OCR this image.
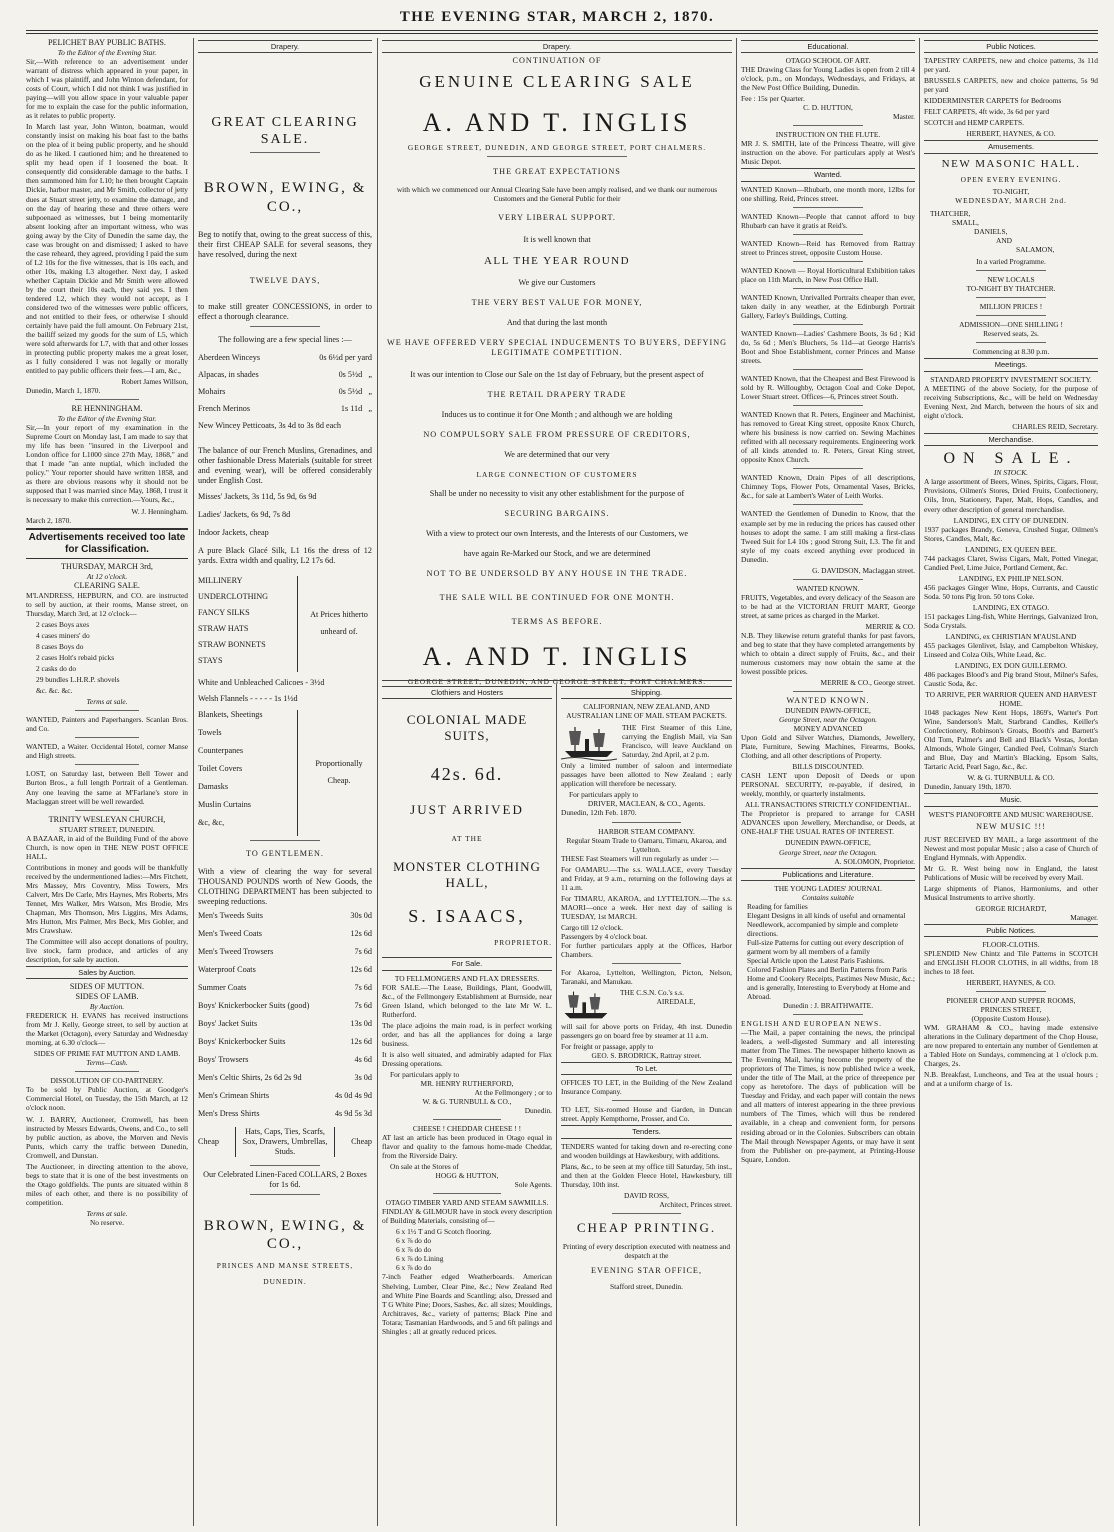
THE EVENING STAR, MARCH 2, 1870.
PELICHET BAY PUBLIC BATHS.
To the Editor of the Evening Star.

Sir,—With reference to an advertisement under warrant of distress which appeared in your paper, in which I was plaintiff, and John Winton defendant, for costs of Court, which I did not think I was justified in paying—will you allow space in your valuable paper for me to explain the case for the public information, as it relates to public property.

In March last year, John Winton, boatman, would constantly insist on making his boat fast to the baths on the plea of it being public property, and he should do as he liked. I cautioned him; and he threatened to split my head open if I loosened the boat. It consequently did considerable damage to the baths. I then summoned him for L10; he then brought Captain Dickie, harbor master, and Mr Smith, collector of jetty dues at Stuart street jetty, to examine the damage, and on the day of hearing these and three others were subpoenaed as witnesses, but I being momentarily absent looking after an important witness, who was going away by the City of Dunedin the same day, the case was brought on and dismissed; I asked to have the case reheard, they agreed, providing I paid the sum of L2 10s for the five witnesses, that is 10s each, and other 10s, making L3 altogether. Next day, I asked whether Captain Dickie and Mr Smith were allowed by the court their 10s each, they said yes. I then tendered L2, which they would not accept, as I considered two of the witnesses were public officers, and not entitled to their fees, or otherwise I should certainly have paid the full amount. On February 21st, the bailiff seized my goods for the sum of L5, which were sold afterwards for L7, with that and other losses in protecting public property makes me a great loser, as I fully considered I was not legally or morally entitled to pay public officers their fees.—I am, &c.,

Robert James Willson,
Dunedin, March 1, 1870.
RE HENNINGHAM.
To the Editor of the Evening Star.

Sir,—In your report of my examination in the Supreme Court on Monday last, I am made to say that my life has been "insured in the Liverpool and London office for L1000 since 27th May, 1868," and that I made "an ante nuptial, which included the policy." Your reporter should have written 1858, and as there are obvious reasons why it should not be supposed that I was married since May, 1868, I trust it is necessary to make this correction.—Yours, &c.,

W. J. Henningham.
March 2, 1870.
Advertisements received too late for Classification.
THURSDAY, MARCH 3rd,
At 12 o'clock.
CLEARING SALE.

M'LANDRESS, HEPBURN, and CO. are instructed to sell by auction, at their rooms, Manse street, on Thursday, March 3rd, at 12 o'clock—

2 cases Boys axes
4 cases miners' do
8 cases Boys do
2 cases Holt's rebaid picks
2 casks do do
29 bundles L.H.R.P. shovels
&c. &c. &c.
Terms at sale.

WANTED, Painters and Paperhangers. Scanlan Bros. and Co.

WANTED, a Waiter. Occidental Hotel, corner Manse and High streets.

LOST, on Saturday last, between Bell Tower and Burton Bros., a full length Portrait of a Gentleman. Any one leaving the same at M'Farlane's store in Maclaggan street will be well rewarded.

TRINITY WESLEYAN CHURCH,
STUART STREET, DUNEDIN.

A BAZAAR, in aid of the Building Fund of the above Church, is now open in THE NEW POST OFFICE HALL.

Contributions in money and goods will be thankfully received by the undermentioned ladies:—Mrs Fitchett, Mrs Massey, Mrs Coventry, Miss Towers, Mrs Calvert, Mrs De Carle, Mrs Haynes, Mrs Roberts, Mrs Tennet, Mrs Walker, Mrs Watson, Mrs Brodie, Mrs Chapman, Mrs Thomson, Mrs Liggins, Mrs Adams, Mrs Hutton, Mrs Palmer, Mrs Beck, Mrs Gobler, and Mrs Crawshaw.

The Committee will also accept donations of poultry, live stock, farm produce, and articles of any description, for sale by auction.

Sales by Auction.
SIDES OF MUTTON.
SIDES OF LAMB.
By Auction.

FREDERICK H. EVANS has received instructions from Mr J. Kelly, George street, to sell by auction at the Market (Octagon), every Saturday and Wednesday morning, at 6.30 o'clock—

SIDES OF PRIME FAT MUTTON AND LAMB.
Terms—Cash.
DISSOLUTION OF CO-PARTNERY.

To be sold by Public Auction, at Goodger's Commercial Hotel, on Tuesday, the 15th March, at 12 o'clock noon.

W. J. BARRY, Auctioneer, Cromwell, has been instructed by Messrs Edwards, Owens, and Co., to sell by public auction, as above, the Morven and Nevis Punts, which carry the traffic between Dunedin, Cromwell, and Dunstan.

The Auctioneer, in directing attention to the above, begs to state that it is one of the best investments on the Otago goldfields. The punts are situated within 8 miles of each other, and there is no possibility of competition.

Terms at sale.
No reserve.
Drapery.
GREAT CLEARING SALE.
BROWN, EWING, & CO.,

Beg to notify that, owing to the great success of this, their first CHEAP SALE for several seasons, they have resolved, during the next

TWELVE DAYS,

to make still greater CONCESSIONS, in order to effect a thorough clearance.

The following are a few special lines :—
Aberdeen Winceys	0s 6½d per yard
Alpacas, in shades	0s 5½d   „
Mohairs	0s 5½d   „
French Merinos	1s 11d   „
New Wincey Petticoats, 3s 4d to 3s 8d each

The balance of our French Muslins, Grenadines, and other fashionable Dress Materials (suitable for street and evening wear), will be offered considerably under English Cost.

Misses' Jackets, 3s 11d, 5s 9d, 6s 9d
Ladies' Jackets, 6s 9d, 7s 8d
Indoor Jackets, cheap

A pure Black Glacé Silk, L1 16s the dress of 12 yards. Extra width and quality, L2 17s 6d.

MILLINERY
UNDERCLOTHING
FANCY SILKS
STRAW HATS
STRAW BONNETS
STAYS
At Prices hitherto unheard of.
White and Unbleached Calicoes - 3½d
Welsh Flannels - - - - - 1s 1½d
Blankets, Sheetings
Towels
Counterpanes
Toilet Covers
Damasks
Muslin Curtains
&c, &c,
Proportionally Cheap.
TO GENTLEMEN.

With a view of clearing the way for several THOUSAND POUNDS worth of New Goods, the CLOTHING DEPARTMENT has been subjected to sweeping reductions.

Men's Tweeds Suits	30s 0d
Men's Tweed Coats	12s 6d
Men's Tweed Trowsers	7s 6d
Waterproof Coats	12s 6d
Summer Coats	7s 6d
Boys' Knickerbocker Suits (good)	7s 6d
Boys' Jacket Suits	13s 0d
Boys' Knickerbocker Suits	12s 6d
Boys' Trowsers	4s 6d
Men's Celtic Shirts, 2s 6d 2s 9d	3s 0d
Men's Crimean Shirts	4s 0d 4s 9d
Men's Dress Shirts	4s 9d 5s 3d
Cheap
Hats, Caps, Ties, Scarfs, Sox, Drawers, Umbrellas, Studs.
Cheap
Our Celebrated Linen-Faced COLLARS, 2 Boxes for 1s 6d.
BROWN, EWING, & CO.,
PRINCES AND MANSE STREETS,
DUNEDIN.
Drapery.
CONTINUATION OF
GENUINE CLEARING SALE
A. AND T. INGLIS
GEORGE STREET, DUNEDIN, AND GEORGE STREET, PORT CHALMERS.
THE GREAT EXPECTATIONS
with which we commenced our Annual Clearing Sale have been amply realised, and we thank our numerous Customers and the General Public for their
VERY LIBERAL SUPPORT.
It is well known that
ALL THE YEAR ROUND
We give our Customers
THE VERY BEST VALUE FOR MONEY,
And that during the last month
WE HAVE OFFERED VERY SPECIAL INDUCEMENTS TO BUYERS, DEFYING LEGITIMATE COMPETITION.
It was our intention to Close our Sale on the 1st day of February, but the present aspect of
THE RETAIL DRAPERY TRADE
Induces us to continue it for One Month ; and although we are holding
NO COMPULSORY SALE FROM PRESSURE OF CREDITORS,
We are determined that our very
LARGE CONNECTION OF CUSTOMERS
Shall be under no necessity to visit any other establishment for the purpose of
SECURING BARGAINS.
With a view to protect our own Interests, and the Interests of our Customers, we
have again Re-Marked our Stock, and we are determined
NOT TO BE UNDERSOLD BY ANY HOUSE IN THE TRADE.
THE SALE WILL BE CONTINUED FOR ONE MONTH.
TERMS AS BEFORE.
A. AND T. INGLIS
GEORGE STREET, DUNEDIN, AND GEORGE STREET, PORT CHALMERS.
Clothiers and Hosters
COLONIAL MADE SUITS,
42s. 6d.
JUST ARRIVED
AT THE
MONSTER CLOTHING HALL,
S. ISAACS,
PROPRIETOR.
For Sale.
TO FELLMONGERS AND FLAX DRESSERS.

FOR SALE.—The Lease, Buildings, Plant, Goodwill, &c., of the Fellmongery Establishment at Burnside, near Green Island, which belonged to the late Mr W. L. Rutherford.

The place adjoins the main road, is in perfect working order, and has all the appliances for doing a large business.

It is also well situated, and admirably adapted for Flax Dressing operations.

For particulars apply to
MR. HENRY RUTHERFORD,
At the Fellmongery ; or to
W. & G. TURNBULL & CO.,
Dunedin.
CHEESE ! CHEDDAR CHEESE ! !

AT last an article has been produced in Otago equal in flavor and quality to the famous home-made Cheddar, from the Riverside Dairy.

On sale at the Stores of
HOGG & HUTTON,
Sole Agents.
OTAGO TIMBER YARD AND STEAM SAWMILLS.

FINDLAY & GILMOUR have in stock every description of Building Materials, consisting of—

6 x 1½ T and G Scotch flooring.
6 x ⅞ do do
6 x ⅞ do do
6 x ⅞ do Lining
6 x ⅞ do do

7-inch Feather edged Weatherboards. American Shelving, Lumber, Clear Pine, &c.; New Zealand Red and White Pine Boards and Scantling; also, Dressed and T G White Pine; Doors, Sashes, &c. all sizes; Mouldings, Architraves, &c., variety of patterns; Black Pine and Totara; Tasmanian Hardwoods, and 5 and 6ft palings and Shingles ; all at greatly reduced prices.

Shipping.
CALIFORNIAN, NEW ZEALAND, AND AUSTRALIAN LINE OF MAIL STEAM PACKETS.

THE First Steamer of this Line, carrying the English Mail, via San Francisco, will leave Auckland on Saturday, 2nd April, at 2 p.m.

Only a limited number of saloon and intermediate passages have been allotted to New Zealand ; early application will therefore be necessary.

For particulars apply to
DRIVER, MACLEAN, & CO., Agents.
Dunedin, 12th Feb. 1870.
HARBOR STEAM COMPANY.
Regular Steam Trade to Oamaru, Timaru, Akaroa, and Lyttelton.

THESE Fast Steamers will run regularly as under :—

For OAMARU.—The s.s. WALLACE, every Tuesday and Friday, at 9 a.m., returning on the following days at 11 a.m.

For TIMARU, AKAROA, and LYTTELTON.—The s.s. MAORI—once a week. Her next day of sailing is TUESDAY, 1st MARCH.

Cargo till 12 o'clock.
Passengers by 4 o'clock boat.

For further particulars apply at the Offices, Harbor Chambers.

For Akaroa, Lyttelton, Wellington, Picton, Nelson, Taranaki, and Manukau.

THE C.S.N. Co.'s s.s.
AIREDALE,

will sail for above ports on Friday, 4th inst. Dunedin passengers go on board free by steamer at 11 a.m.

For freight or passage, apply to
GEO. S. BRODRICK, Rattray street.
To Let.

OFFICES TO LET, in the Building of the New Zealand Insurance Company.

TO LET, Six-roomed House and Garden, in Duncan street. Apply Kempthorne, Prosser, and Co.

Tenders.

TENDERS wanted for taking down and re-erecting cone and wooden buildings at Hawkesbury, with additions.

Plans, &c., to be seen at my office till Saturday, 5th inst., and then at the Golden Fleece Hotel, Hawkesbury, till Thursday, 10th inst.

DAVID ROSS,
Architect, Princes street.
CHEAP PRINTING.
Printing of every description executed with neatness and despatch at the
EVENING STAR OFFICE,
Stafford street, Dunedin.
Educational.
OTAGO SCHOOL OF ART.

THE Drawing Class for Young Ladies is open from 2 till 4 o'clock, p.m., on Mondays, Wednesdays, and Fridays, at the New Post Office Building, Dunedin.

Fee : 15s per Quarter.
C. D. HUTTON,
Master.
INSTRUCTION ON THE FLUTE.

MR J. S. SMITH, late of the Princess Theatre, will give instruction on the above. For particulars apply at West's Music Depot.

Wanted.

WANTED Known—Rhubarb, one month more, 12lbs for one shilling. Reid, Princes street.

WANTED Known—People that cannot afford to buy Rhubarb can have it gratis at Reid's.

WANTED Known—Reid has Removed from Rattray street to Princes street, opposite Custom House.

WANTED Known — Royal Horticultural Exhibition takes place on 11th March, in New Post Office Hall.

WANTED Known, Unrivalled Portraits cheaper than ever, taken daily in any weather, at the Edinburgh Portrait Gallery, Farley's Buildings, Cutting.

WANTED Known—Ladies' Cashmere Boots, 3s 6d ; Kid do, 5s 6d ; Men's Bluchers, 5s 11d—at George Harris's Boot and Shoe Establishment, corner Princes and Manse streets.

WANTED Known, that the Cheapest and Best Firewood is sold by R. Willoughby, Octagon Coal and Coke Depot, Lower Stuart street. Offices—6, Princes street South.

WANTED Known that R. Peters, Engineer and Machinist, has removed to Great King street, opposite Knox Church, where his business is now carried on. Sewing Machines refitted with all necessary requirements. Engineering work of all kinds attended to. R. Peters, Great King street, opposite Knox Church.

WANTED Known, Drain Pipes of all descriptions, Chimney Tops, Flower Pots, Ornamental Vases, Bricks, &c., for sale at Lambert's Water of Leith Works.

WANTED the Gentlemen of Dunedin to Know, that the example set by me in reducing the prices has caused other houses to adopt the same. I am still making a first-class Tweed Suit for L4 10s ; good Strong Suit, L3. The fit and style of my coats exceed anything ever produced in Dunedin.

G. DAVIDSON, Maclaggan street.
WANTED KNOWN.

FRUITS, Vegetables, and every delicacy of the Season are to be had at the VICTORIAN FRUIT MART, George street, at same prices as charged in the Market.

MERRIE & CO.

N.B. They likewise return grateful thanks for past favors, and beg to state that they have completed arrangements by which to obtain a direct supply of Fruits, &c., and their numerous customers may now obtain the same at the lowest possible prices.

MERRIE & CO., George street.
WANTED KNOWN.
DUNEDIN PAWN-OFFICE,
George Street, near the Octagon.
MONEY ADVANCED

Upon Gold and Silver Watches, Diamonds, Jewellery, Plate, Furniture, Sewing Machines, Firearms, Books, Clothing, and all other descriptions of Property.

BILLS DISCOUNTED.

CASH LENT upon Deposit of Deeds or upon PERSONAL SECURITY, re-payable, if desired, in weekly, monthly, or quarterly instalments.

ALL TRANSACTIONS STRICTLY CONFIDENTIAL.

The Proprietor is prepared to arrange for CASH ADVANCES upon Jewellery, Merchandise, or Deeds, at ONE-HALF THE USUAL RATES OF INTEREST.

DUNEDIN PAWN-OFFICE,
George Street, near the Octagon.
A. SOLOMON, Proprietor.
Publications and Literature.
THE YOUNG LADIES' JOURNAL
Contains suitable
Reading for families
Elegant Designs in all kinds of useful and ornamental Needlework, accompanied by simple and complete directions.
Full-size Patterns for cutting out every description of garment worn by all members of a family
Special Article upon the Latest Paris Fashions.
Colored Fashion Plates and Berlin Patterns from Paris
Home and Cookery Receipts, Pastimes New Music, &c.; and is generally, Interesting to Everybody at Home and Abroad.
Dunedin : J. BRAITHWAITE.
ENGLISH AND EUROPEAN NEWS.

—The Mail, a paper containing the news, the principal leaders, a well-digested Summary and all interesting matter from The Times. The newspaper hitherto known as The Evening Mail, having become the property of the proprietors of The Times, is now published twice a week, under the title of The Mail, at the price of threepence per copy as heretofore. The days of publication will be Tuesday and Friday, and each paper will contain the news and all matters of interest appearing in the three previous numbers of The Times, which will thus be rendered available, in a cheap and convenient form, for persons residing abroad or in the Colonies. Subscribers can obtain The Mail through Newspaper Agents, or may have it sent from the Publisher on pre-payment, at Printing-House Square, London.

Public Notices.

TAPESTRY CARPETS, new and choice patterns, 3s 11d per yard.

BRUSSELS CARPETS, new and choice patterns, 5s 9d per yard

KIDDERMINSTER CARPETS for Bedrooms

FELT CARPETS, 4ft wide, 3s 6d per yard

SCOTCH and HEMP CARPETS.

HERBERT, HAYNES, & CO.
Amusements.
NEW MASONIC HALL.
OPEN EVERY EVENING.
TO-NIGHT,
WEDNESDAY, MARCH 2nd.
THATCHER,
SMALL,
DANIELS,
AND
SALAMON,
In a varied Programme.
NEW LOCALS
TO-NIGHT BY THATCHER.
MILLION PRICES !
ADMISSION—ONE SHILLING !
Reserved seats, 2s.
Commencing at 8.30 p.m.
Meetings.
STANDARD PROPERTY INVESTMENT SOCIETY.

A MEETING of the above Society, for the purpose of receiving Subscriptions, &c., will be held on Wednesday Evening Next, 2nd March, between the hours of six and eight o'clock.

CHARLES REID, Secretary.
Merchandise.
ON SALE.
IN STOCK.

A large assortment of Beers, Wines, Spirits, Cigars, Flour, Provisions, Oilmen's Stores, Dried Fruits, Confectionery, Oils, Iron, Stationery, Paper, Malt, Hops, Candles, and every other description of general merchandise.

LANDING, EX CITY OF DUNEDIN.

1937 packages Brandy, Geneva, Crushed Sugar, Oilmen's Stores, Candles, Malt, &c.

LANDING, EX QUEEN BEE.

744 packages Claret, Swiss Cigars, Malt, Potted Vinegar, Candied Peel, Lime Juice, Portland Cement, &c.

LANDING, EX PHILIP NELSON.

456 packages Ginger Wine, Hops, Currants, and Caustic Soda. 50 tons Pig Iron. 50 tons Coke.

LANDING, EX OTAGO.

151 packages Ling-fish, White Herrings, Galvanized Iron, Soda Crystals.

LANDING, ex CHRISTIAN M'AUSLAND

455 packages Glenlivet, Islay, and Campbelton Whiskey, Linseed and Colza Oils, White Lead, &c.

LANDING, EX DON GUILLERMO.

486 packages Blood's and Pig brand Stout, Milner's Safes, Caustic Soda, &c.

TO ARRIVE, PER WARRIOR QUEEN AND HARVEST HOME.

1048 packages New Kent Hops, 1869's, Warter's Port Wine, Sanderson's Malt, Starbrand Candles, Keiller's Confectionery, Robinson's Groats, Booth's and Barnett's Old Tom, Palmer's and Bell and Black's Vestas, Jordan Almonds, Whole Ginger, Candied Peel, Colman's Starch and Blue, Day and Martin's Blacking, Epsom Salts, Tartaric Acid, Pearl Sago, &c., &c.

W. & G. TURNBULL & CO.
Dunedin, January 19th, 1870.
Music.
WEST'S PIANOFORTE AND MUSIC WAREHOUSE.
NEW MUSIC !!!

JUST RECEIVED BY MAIL, a large assortment of the Newest and most popular Music ; also a case of Church of England Hymnals, with Appendix.

Mr G. R. West being now in England, the latest Publications of Music will be received by every Mail.

Large shipments of Pianos, Harmoniums, and other Musical Instruments to arrive shortly.

GEORGE RICHARDT,
Manager.
Public Notices.
FLOOR-CLOTHS.

SPLENDID New Chintz and Tile Patterns in SCOTCH and ENGLISH FLOOR CLOTHS, in all widths, from 18 inches to 18 feet.

HERBERT, HAYNES, & CO.
PIONEER CHOP AND SUPPER ROOMS,
PRINCES STREET,
(Opposite Custom House).

WM. GRAHAM & CO., having made extensive alterations in the Culinary department of the Chop House, are now prepared to entertain any number of Gentlemen at a Tabled Hote on Sundays, commencing at 1 o'clock p.m. Charges, 2s.

N.B. Breakfast, Luncheons, and Tea at the usual hours ; and at a uniform charge of 1s.
